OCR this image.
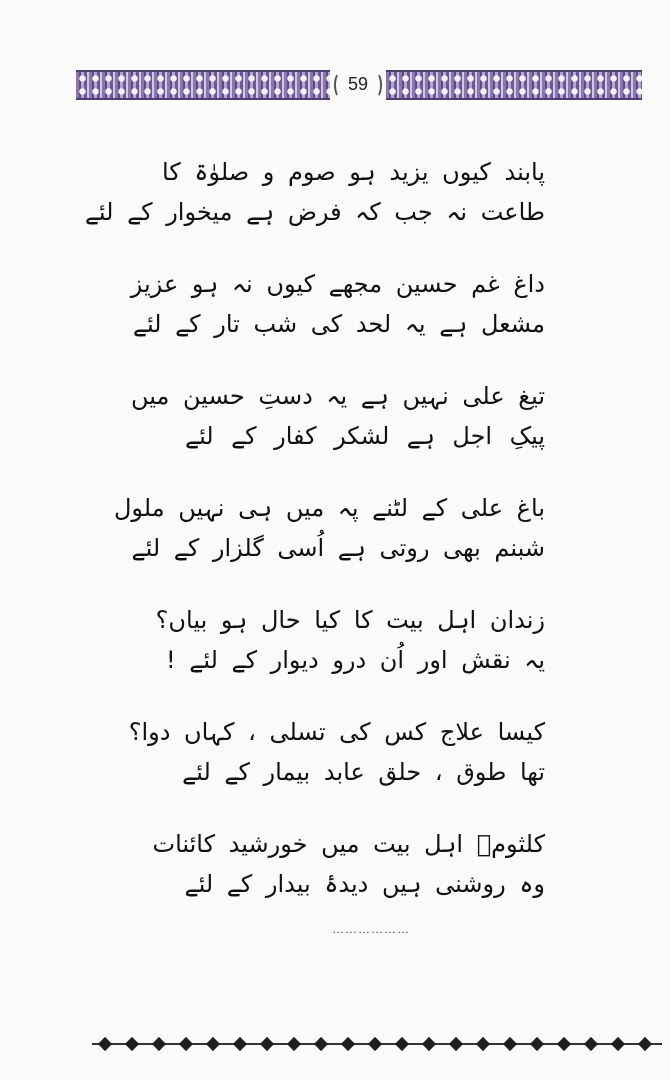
59
پابند کیوں یزید ہو صوم و صلوٰۃ کا
طاعت نہ جب کہ فرض ہے میخوار کے لئے
داغ غم حسین مجھے کیوں نہ ہو عزیز
مشعل ہے یہ لحد کی شب تار کے لئے
تیغ علی نہیں ہے یہ دستِ حسین میں
پیکِ اجل ہے لشکر کفار کے لئے
باغ علی کے لٹنے پہ میں ہی نہیں ملول
شبنم بھی روتی ہے اُسی گلزار کے لئے
زندان اہل بیت کا کیا حال ہو بیاں؟
یہ نقش اور اُن درو دیوار کے لئے !
کیسا علاج کس کی تسلی ، کہاں دوا؟
تھا طوق ، حلق عابد بیمار کے لئے
کلثومؑ اہل بیت میں خورشید کائنات
وہ روشنی ہیں دیدۂ بیدار کے لئے
………………
